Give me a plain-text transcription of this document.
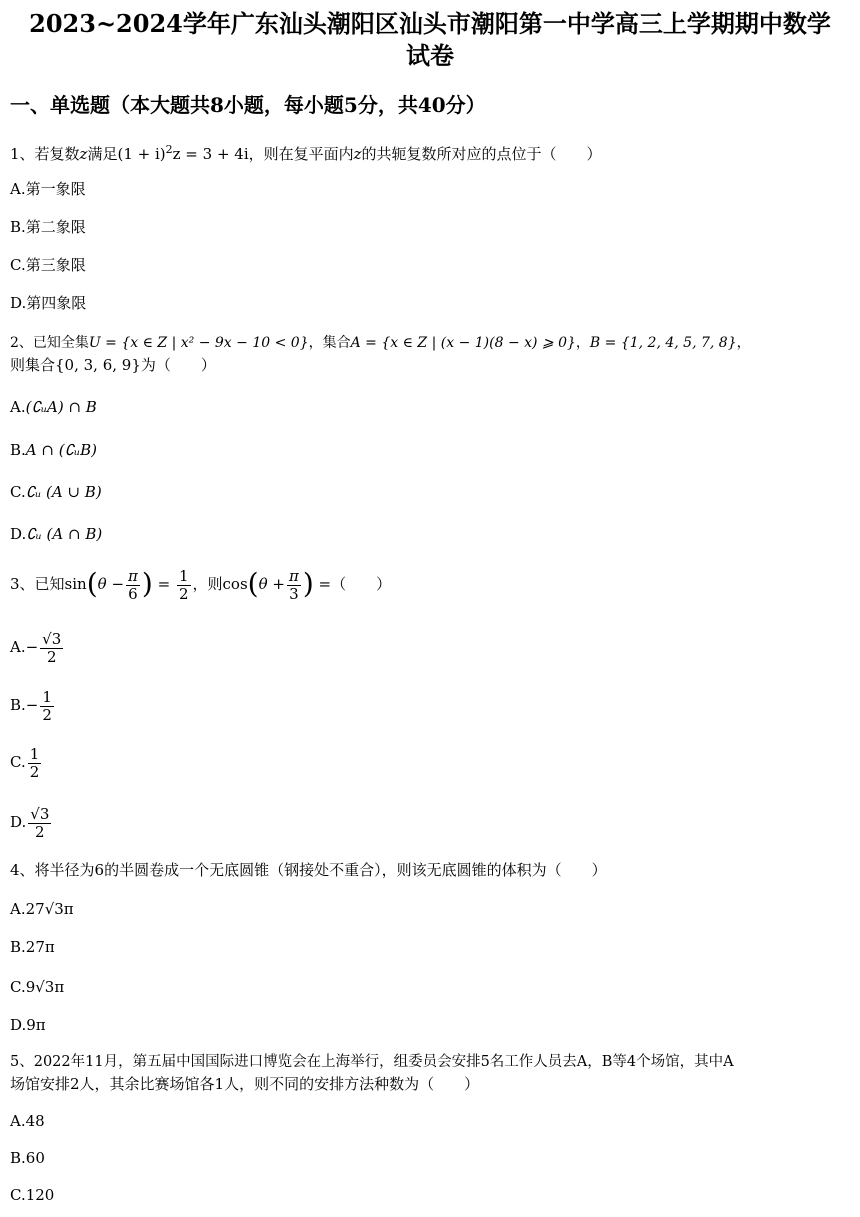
2023~2024学年广东汕头潮阳区汕头市潮阳第一中学高三上学期期中数学
试卷
一、单选题（本大题共8小题，每小题5分，共40分）
1、若复数z满足$(1 + i)^2z = 3 + 4i$，则在复平面内z的共轭复数所对应的点位于（　　）
A.第一象限
B.第二象限
C.第三象限
D.第四象限
2、已知全集U = {x ∈ Z | x² − 9x − 10 < 0}，集合A = {x ∈ Z | (x − 1)(8 − x) ⩾ 0}，B = {1, 2, 4, 5, 7, 8}，
则集合{0, 3, 6, 9}为（　　）
A.(∁ᵤA) ∩ B
B.A ∩ (∁ᵤB)
C.∁ᵤ (A ∪ B)
D.∁ᵤ (A ∩ B)
3、已知$\sin(\theta - \frac{\pi}{6}$ ) = $\frac{1}{2}$ ，则$\cos(\theta + \frac{\pi}{3}$ ) =（　　）
$A.- \frac{√3}{2}$
$B.- \frac{1}{2}$
C. $\frac{1}{2}$
D. $\frac{√3}{2}$
4、将半径为6的半圆卷成一个无底圆锥（钢接处不重合），则该无底圆锥的体积为（　　）
A.27√3π
B.27π
C.9√3π
D.9π
5、2022年11月，第五届中国国际进口博览会在上海举行，组委员会安排5名工作人员去A，B等4个场馆，其中A
场馆安排2人，其余比赛场馆各1人，则不同的安排方法种数为（　　）
A.48
B.60
C.120
